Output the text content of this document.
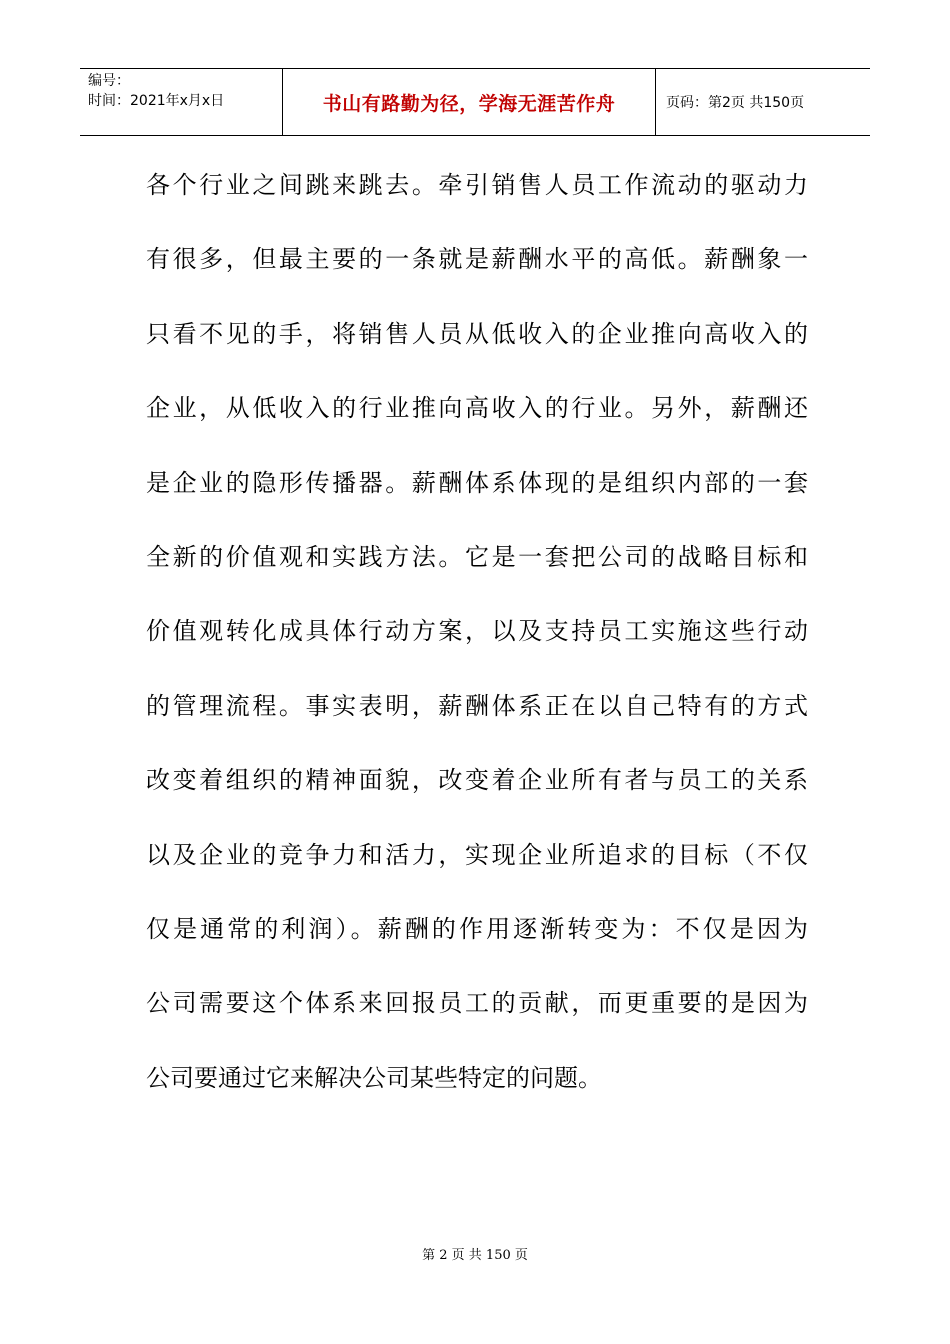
编号：
时间：2021年x月x日	书山有路勤为径，学海无涯苦作舟	页码：第2页 共150页
各个行业之间跳来跳去。牵引销售人员工作流动的驱动力
有很多，但最主要的一条就是薪酬水平的高低。薪酬象一
只看不见的手，将销售人员从低收入的企业推向高收入的
企业，从低收入的行业推向高收入的行业。另外，薪酬还
是企业的隐形传播器。薪酬体系体现的是组织内部的一套
全新的价值观和实践方法。它是一套把公司的战略目标和
价值观转化成具体行动方案，以及支持员工实施这些行动
的管理流程。事实表明，薪酬体系正在以自己特有的方式
改变着组织的精神面貌，改变着企业所有者与员工的关系
以及企业的竞争力和活力，实现企业所追求的目标（不仅
仅是通常的利润）。薪酬的作用逐渐转变为：不仅是因为
公司需要这个体系来回报员工的贡献，而更重要的是因为
公司要通过它来解决公司某些特定的问题。
第 2 页 共 150 页
